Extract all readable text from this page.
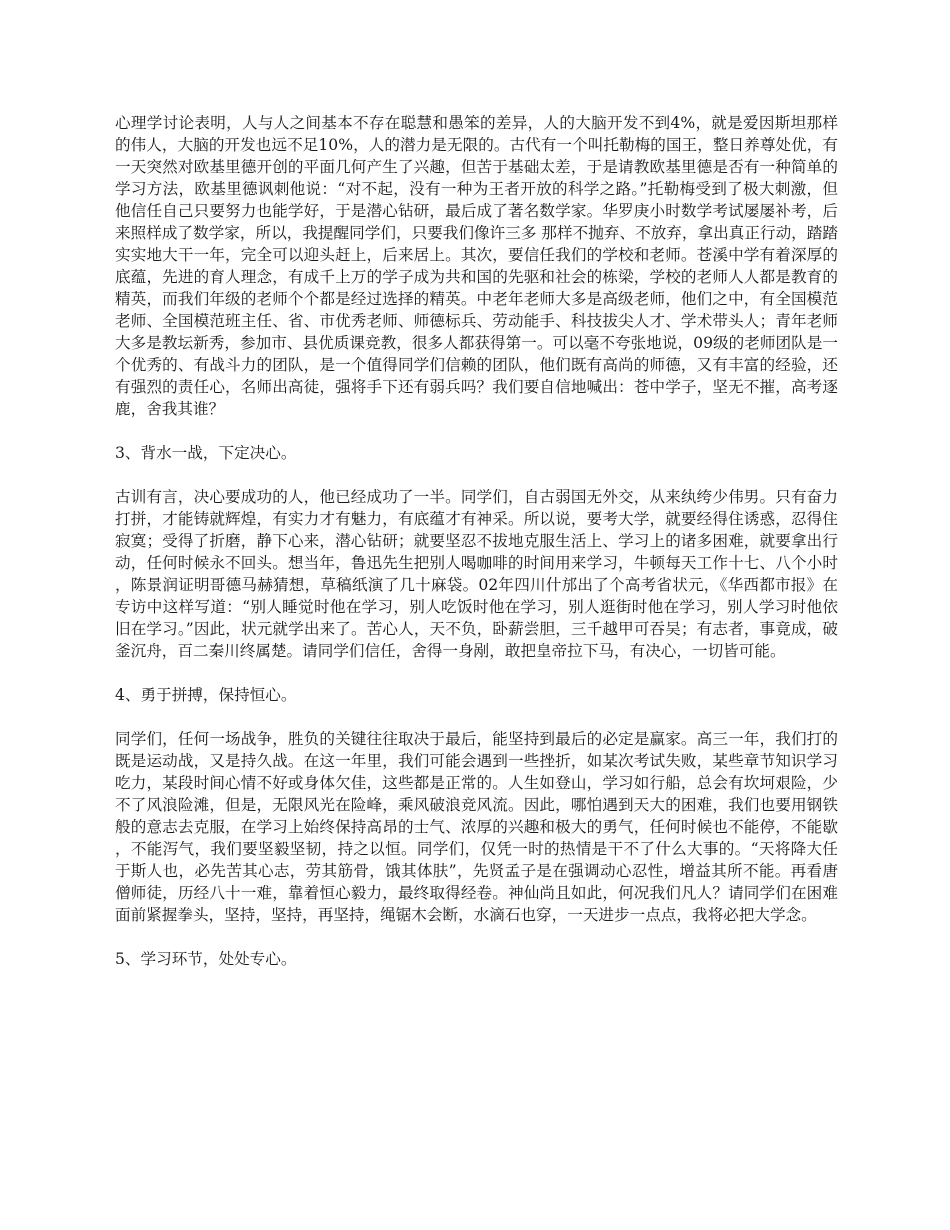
心理学讨论表明，人与人之间基本不存在聪慧和愚笨的差异，人的大脑开发不到4%，就是爱因斯坦那样的伟人，大脑的开发也远不足10%，人的潜力是无限的。古代有一个叫托勒梅的国王，整日养尊处优，有一天突然对欧基里德开创的平面几何产生了兴趣，但苦于基础太差，于是请教欧基里德是否有一种简单的学习方法，欧基里德讽刺他说：“对不起，没有一种为王者开放的科学之路。”托勒梅受到了极大刺激，但他信任自己只要努力也能学好，于是潜心钻研，最后成了著名数学家。华罗庚小时数学考试屡屡补考，后来照样成了数学家，所以，我提醒同学们，只要我们像许三多 那样不抛弃、不放弃，拿出真正行动，踏踏实实地大干一年，完全可以迎头赶上，后来居上。其次，要信任我们的学校和老师。苍溪中学有着深厚的底蕴，先进的育人理念，有成千上万的学子成为共和国的先驱和社会的栋梁，学校的老师人人都是教育的精英，而我们年级的老师个个都是经过选择的精英。中老年老师大多是高级老师，他们之中，有全国模范老师、全国模范班主任、省、市优秀老师、师德标兵、劳动能手、科技拔尖人才、学术带头人；青年老师大多是教坛新秀，参加市、县优质课竞教，很多人都获得第一。可以毫不夸张地说，09级的老师团队是一个优秀的、有战斗力的团队，是一个值得同学们信赖的团队，他们既有高尚的师德，又有丰富的经验，还有强烈的责任心，名师出高徒，强将手下还有弱兵吗？我们要自信地喊出：苍中学子，坚无不摧，高考逐鹿，舍我其谁？

3、背水一战，下定决心。

古训有言，决心要成功的人，他已经成功了一半。同学们，自古弱国无外交，从来纨绔少伟男。只有奋力打拼，才能铸就辉煌，有实力才有魅力，有底蕴才有神采。所以说，要考大学，就要经得住诱惑，忍得住寂寞；受得了折磨，静下心来，潜心钻研；就要坚忍不拔地克服生活上、学习上的诸多困难，就要拿出行动，任何时候永不回头。想当年，鲁迅先生把别人喝咖啡的时间用来学习，牛顿每天工作十七、八个小时，陈景润证明哥德马赫猜想，草稿纸演了几十麻袋。02年四川什邡出了个高考省状元，《华西都市报》在专访中这样写道：“别人睡觉时他在学习，别人吃饭时他在学习，别人逛街时他在学习，别人学习时他依旧在学习。”因此，状元就学出来了。苦心人，天不负，卧薪尝胆，三千越甲可吞吴；有志者，事竟成，破釜沉舟，百二秦川终属楚。请同学们信任，舍得一身剐，敢把皇帝拉下马，有决心，一切皆可能。

4、勇于拼搏，保持恒心。

同学们，任何一场战争，胜负的关键往往取决于最后，能坚持到最后的必定是赢家。高三一年，我们打的既是运动战，又是持久战。在这一年里，我们可能会遇到一些挫折，如某次考试失败，某些章节知识学习吃力，某段时间心情不好或身体欠佳，这些都是正常的。人生如登山，学习如行船，总会有坎坷艰险，少不了风浪险滩，但是，无限风光在险峰，乘风破浪竞风流。因此，哪怕遇到天大的困难，我们也要用钢铁般的意志去克服，在学习上始终保持高昂的士气、浓厚的兴趣和极大的勇气，任何时候也不能停，不能歇，不能泻气，我们要坚毅坚韧，持之以恒。同学们，仅凭一时的热情是干不了什么大事的。“天将降大任于斯人也，必先苦其心志，劳其筋骨，饿其体肤”，先贤孟子是在强调动心忍性，增益其所不能。再看唐僧师徒，历经八十一难，靠着恒心毅力，最终取得经卷。神仙尚且如此，何况我们凡人？请同学们在困难面前紧握拳头，坚持，坚持，再坚持，绳锯木会断，水滴石也穿，一天进步一点点，我将必把大学念。

5、学习环节，处处专心。
